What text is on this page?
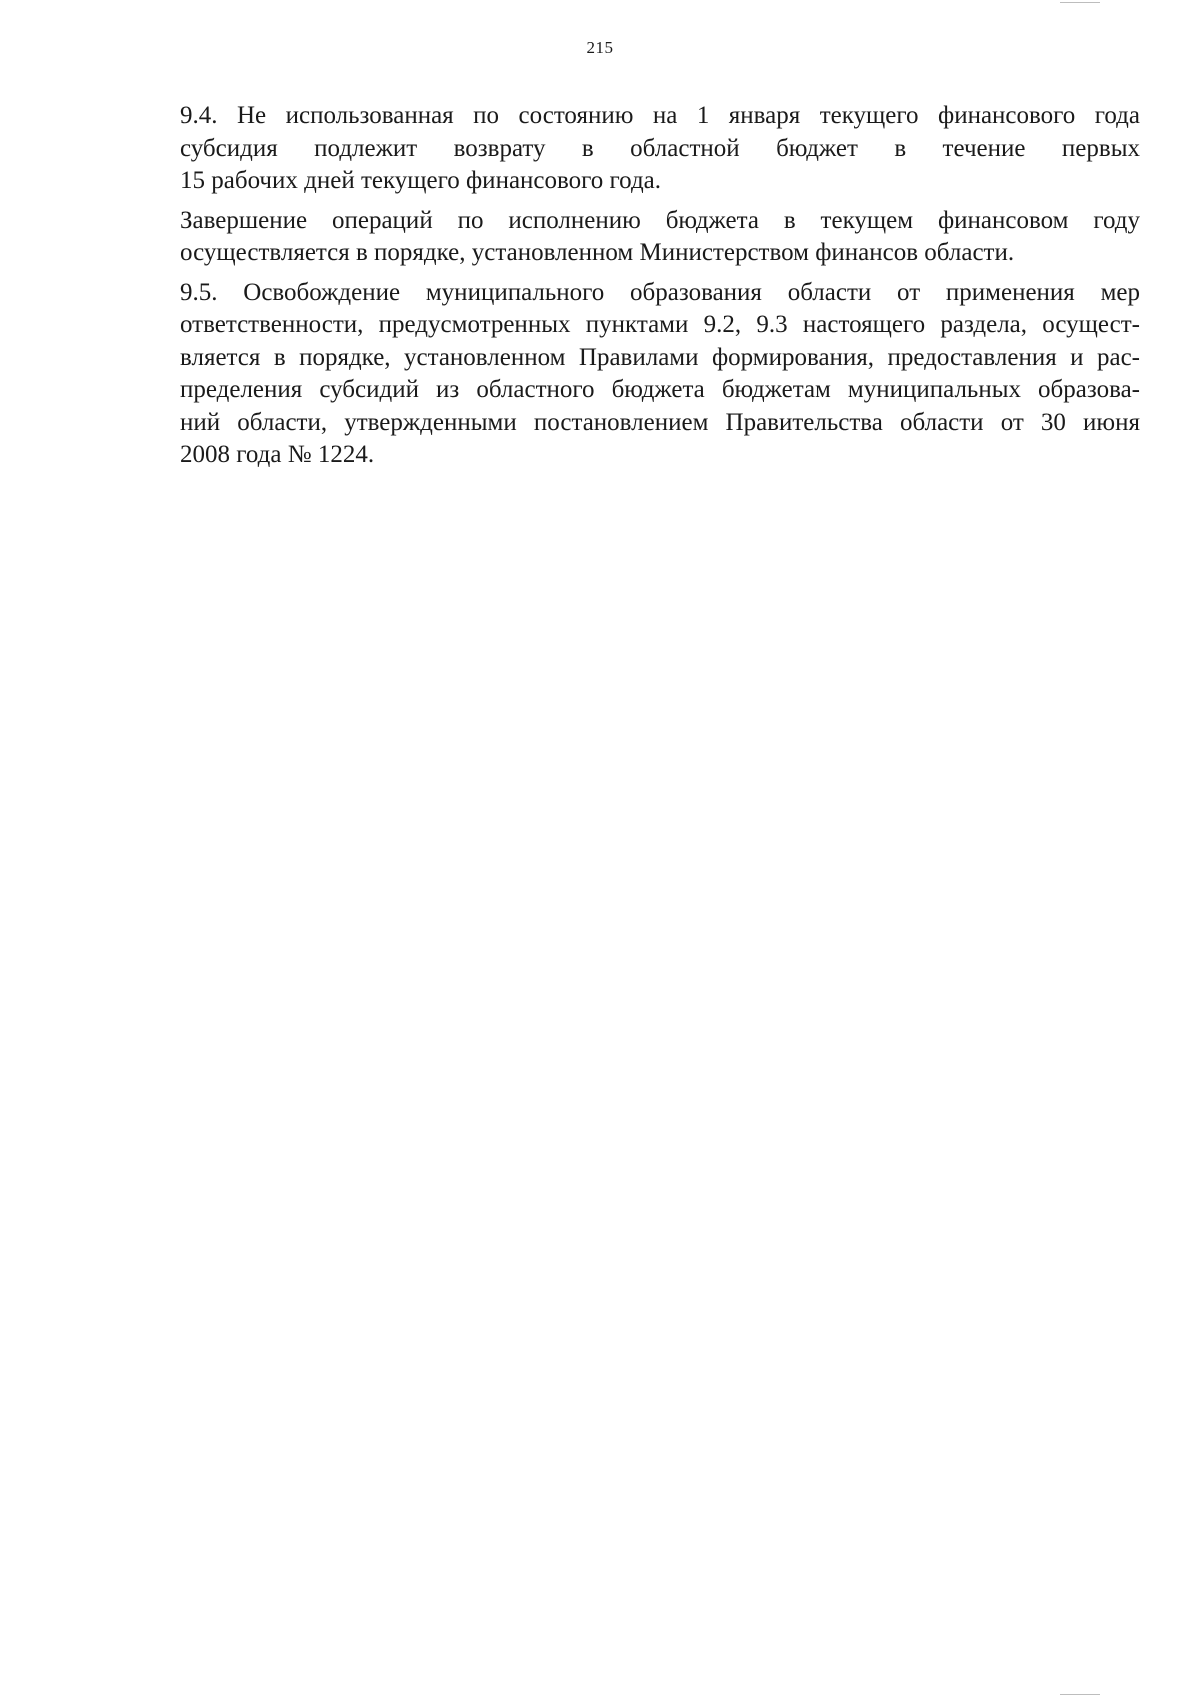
215

9.4. Не использованная по состоянию на 1 января текущего финансового года
субсидия подлежит возврату в областной бюджет в течение первых
15 рабочих дней текущего финансового года.

Завершение операций по исполнению бюджета в текущем финансовом году
осуществляется в порядке, установленном Министерством финансов области.

9.5. Освобождение муниципального образования области от применения мер
ответственности, предусмотренных пунктами 9.2, 9.3 настоящего раздела, осущест-
вляется в порядке, установленном Правилами формирования, предоставления и рас-
пределения субсидий из областного бюджета бюджетам муниципальных образова-
ний области, утвержденными постановлением Правительства области от 30 июня
2008 года № 1224.
